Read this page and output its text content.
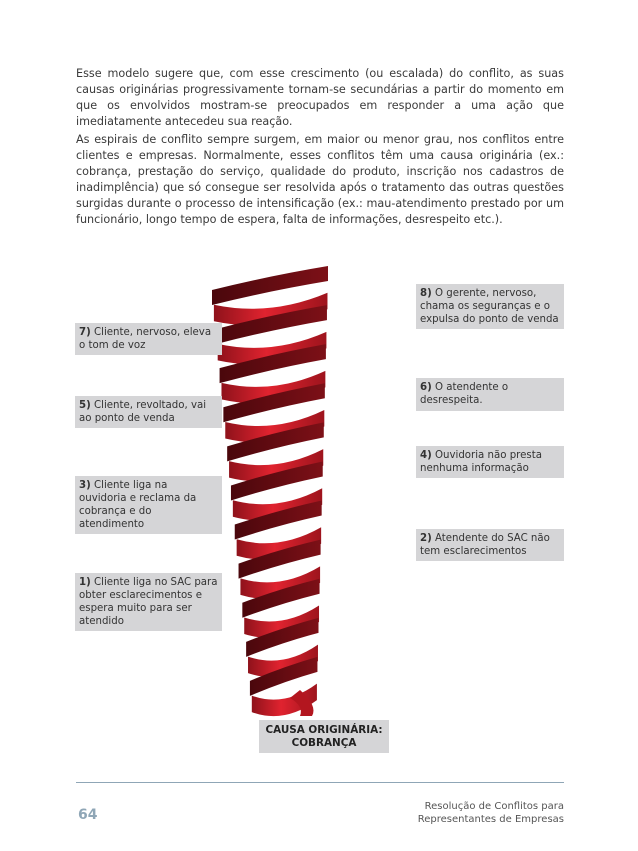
Esse modelo sugere que, com esse crescimento (ou escalada) do conflito, as suas causas originárias progressivamente tornam-se secundárias a partir do momento em que os envolvidos mostram-se preocupados em responder a uma ação que imediatamente antecedeu sua reação.

As espirais de conflito sempre surgem, em maior ou menor grau, nos conflitos entre clientes e empresas. Normalmente, esses conflitos têm uma causa originária (ex.: cobrança, prestação do serviço, qualidade do produto, inscrição nos cadastros de inadimplência) que só consegue ser resolvida após o tratamento das outras questões surgidas durante o processo de intensificação (ex.: mau-atendimento prestado por um funcionário, longo tempo de espera, falta de informações, desrespeito etc.).

7) Cliente, nervoso, eleva o tom de voz
8) O gerente, nervoso, chama os seguranças e o expulsa do ponto de venda
6) O atendente o desrespeita.
5) Cliente, revoltado, vai ao ponto de venda
4) Ouvidoria não presta nenhuma informação
3) Cliente liga na ouvidoria e reclama da cobrança e do atendimento
2) Atendente do SAC não tem esclarecimentos
1) Cliente liga no SAC para obter esclarecimentos e espera muito para ser atendido
CAUSA ORIGINÁRIA:
COBRANÇA
64
Resolução de Conflitos para
Representantes de Empresas
